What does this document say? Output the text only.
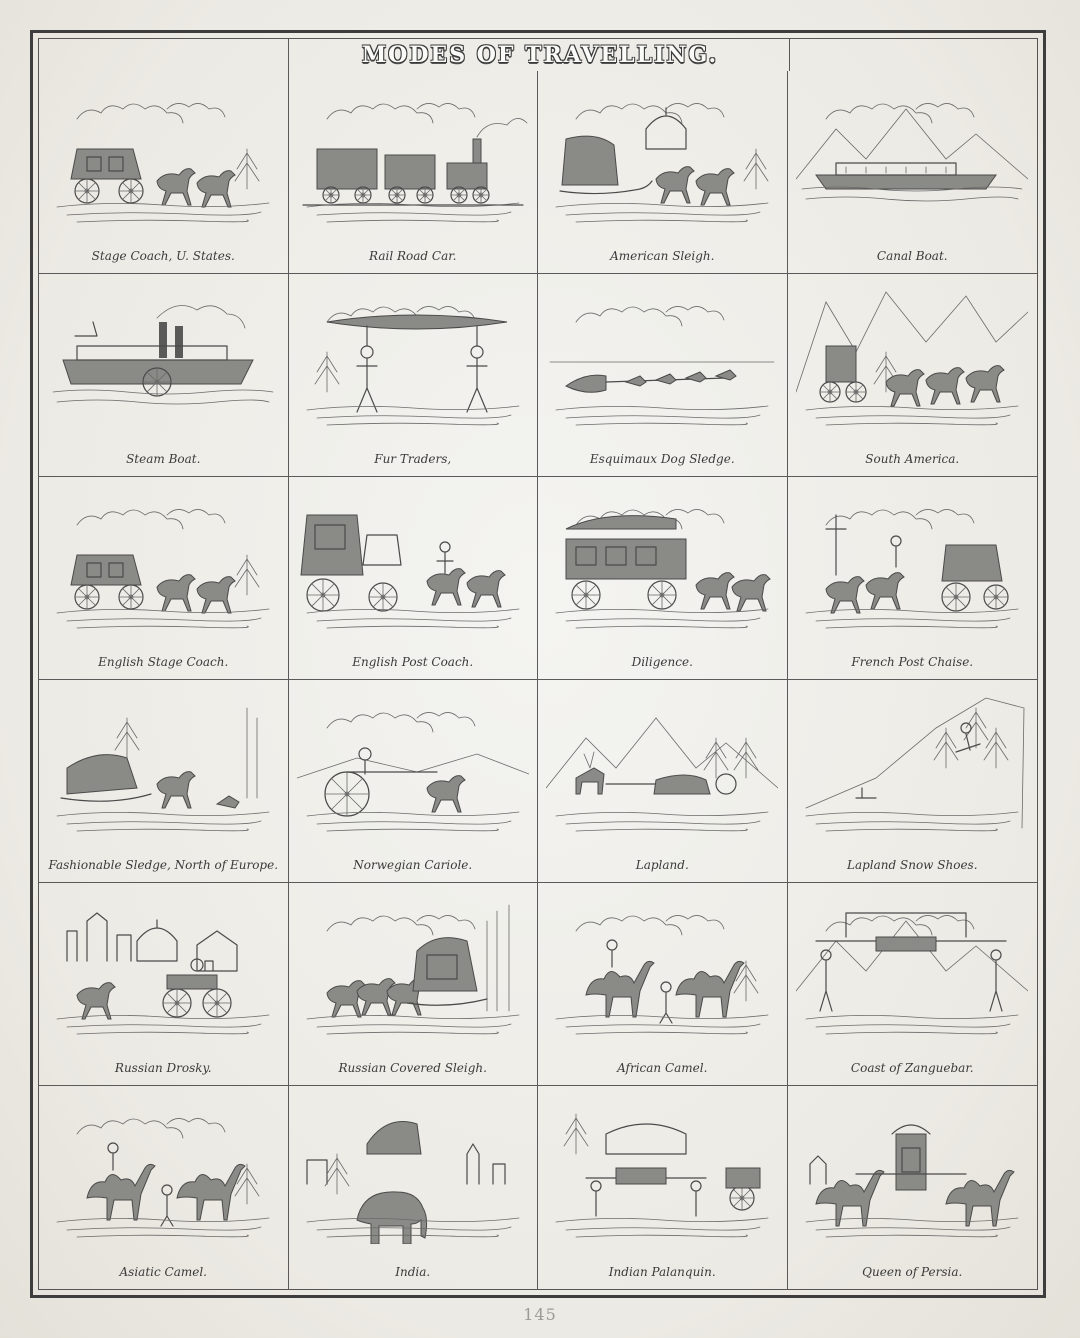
MODES OF TRAVELLING.
Stage Coach, U. States.	Rail Road Car.	American Sleigh.	Canal Boat.
Steam Boat.	Fur Traders,	Esquimaux Dog Sledge.	South America.
English Stage Coach.	English Post Coach.	Diligence.	French Post Chaise.
Fashionable Sledge, North of Europe.	Norwegian Cariole.	Lapland.	Lapland Snow Shoes.
Russian Drosky.	Russian Covered Sleigh.	African Camel.	Coast of Zanguebar.
Asiatic Camel.	India.	Indian Palanquin.	Queen of Persia.
145
